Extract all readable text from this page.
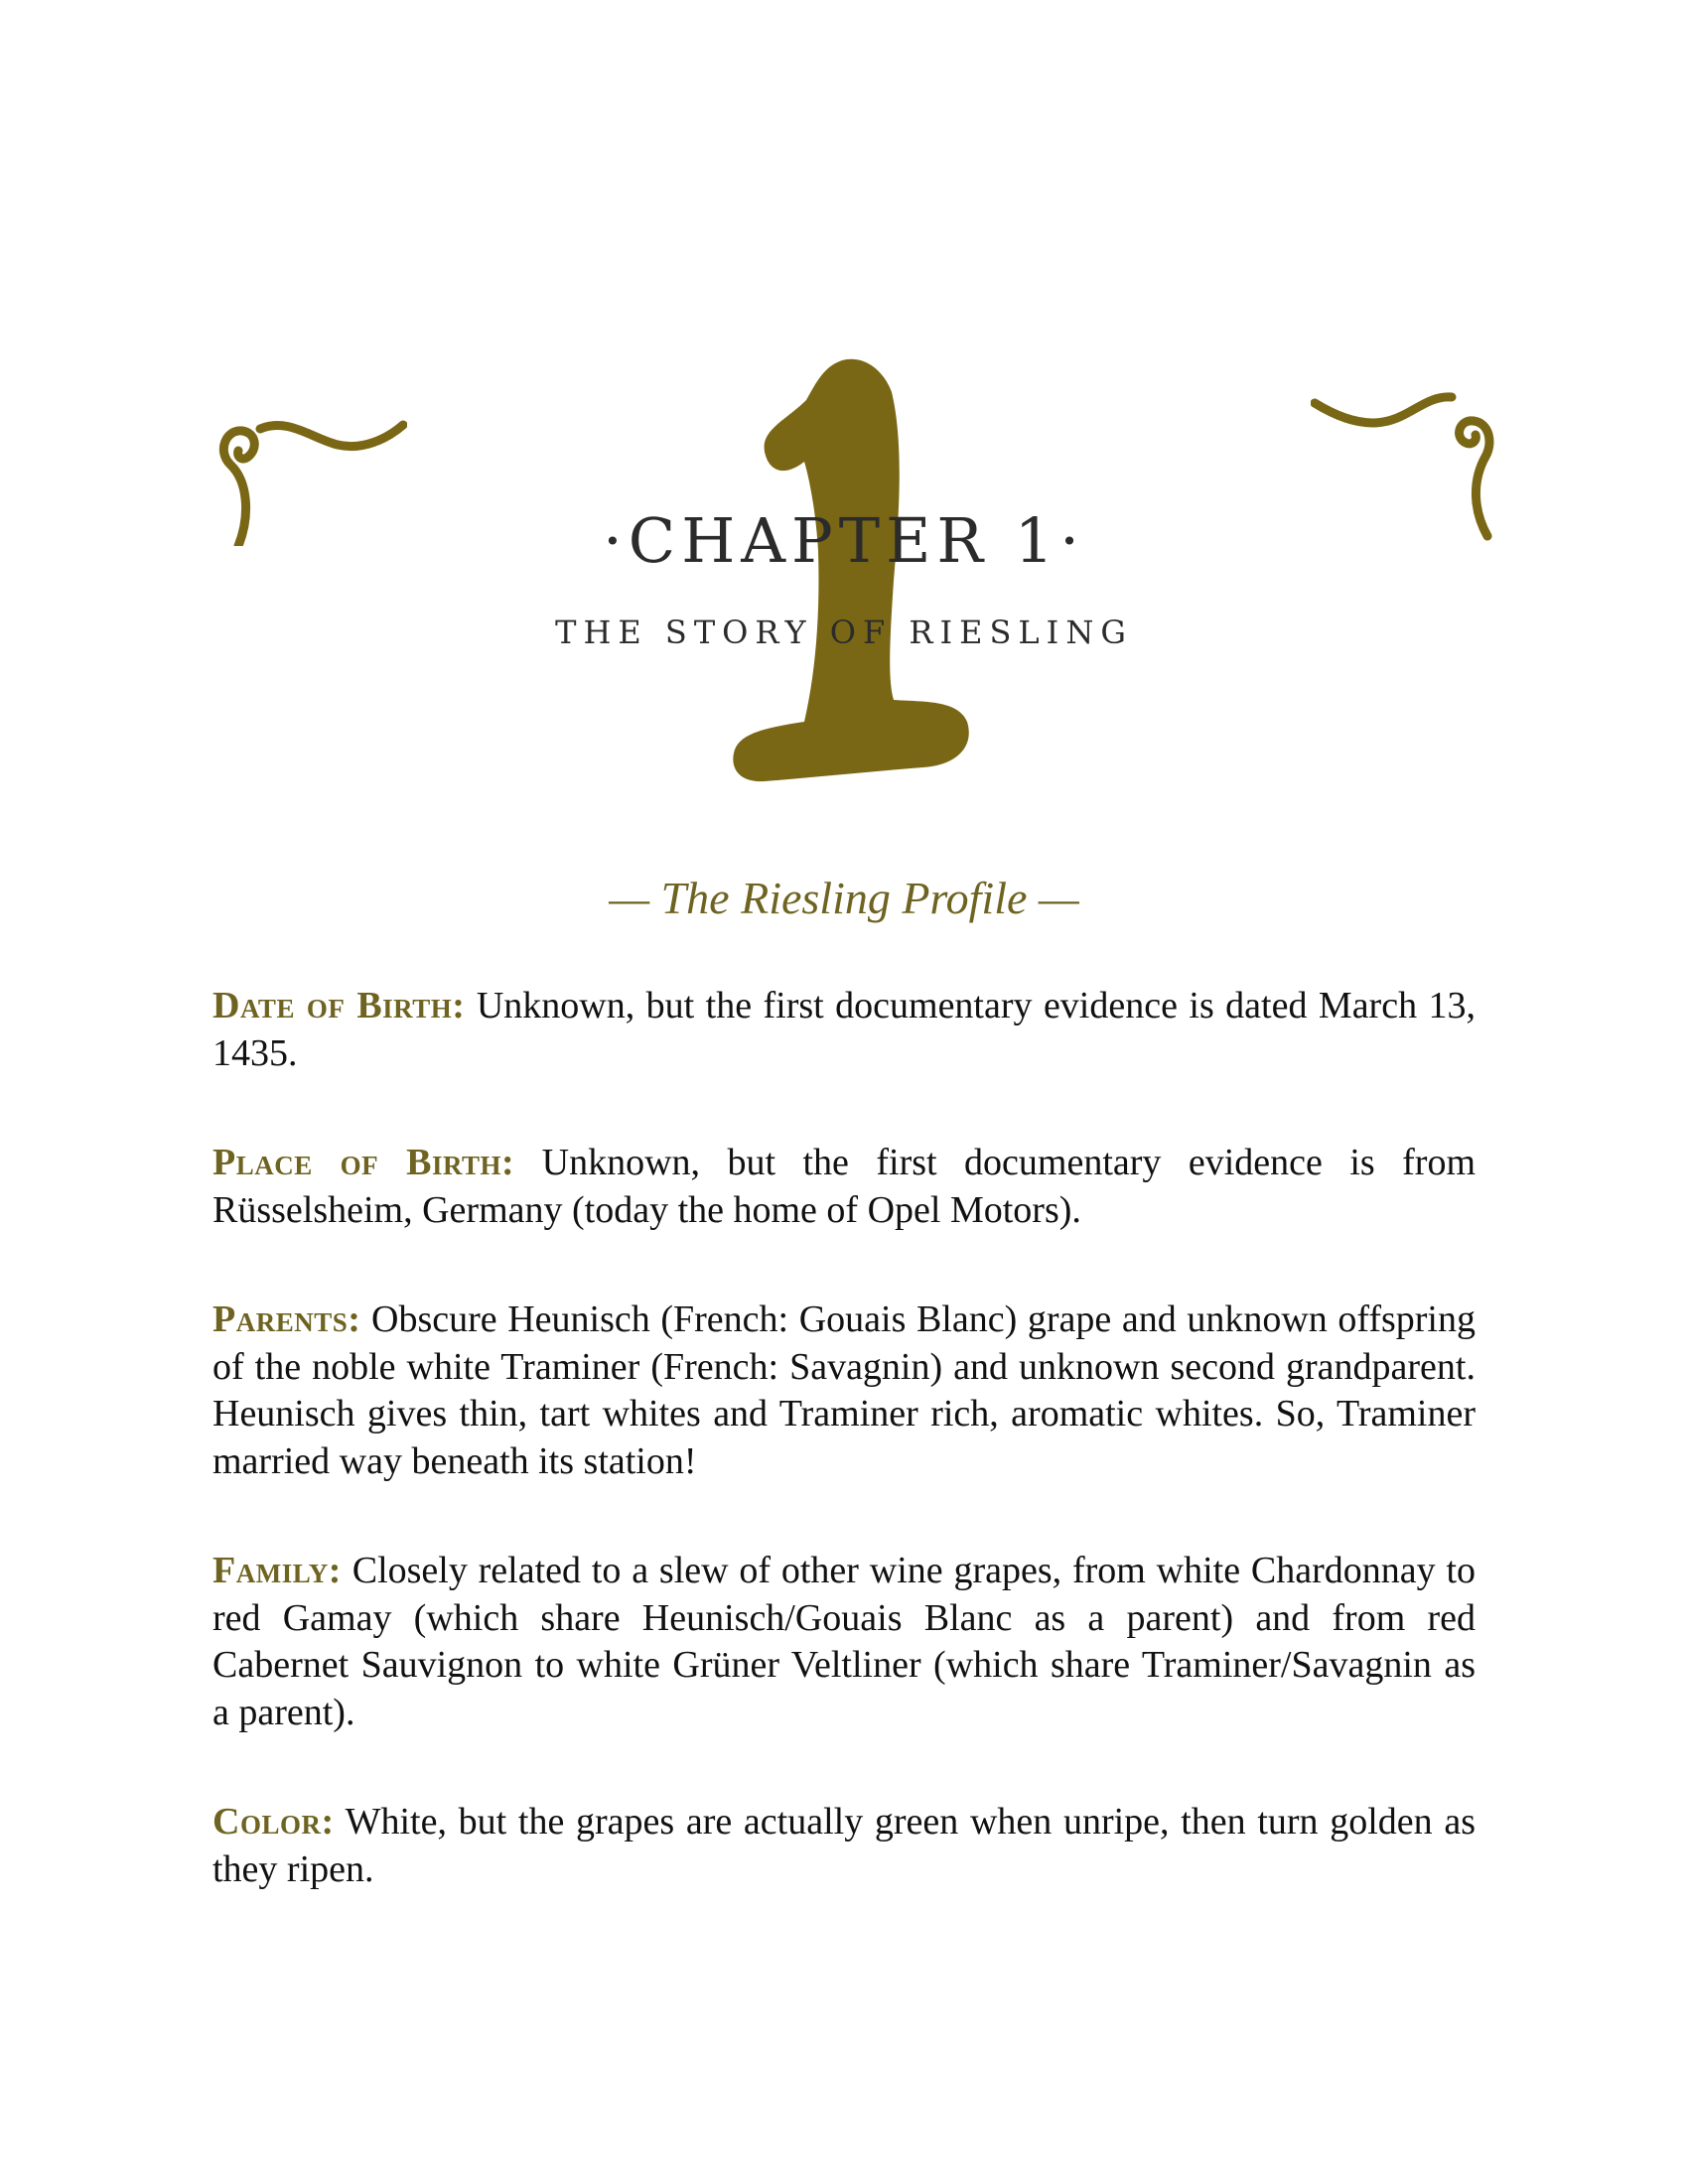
·CHAPTER 1·
THE STORY OF RIESLING
— The Riesling Profile —

Date of Birth: Unknown, but the first documentary evidence is dated March 13, 1435.

Place of Birth: Unknown, but the first documentary evidence is from Rüsselsheim, Germany (today the home of Opel Motors).

Parents: Obscure Heunisch (French: Gouais Blanc) grape and unknown offspring of the noble white Traminer (French: Savagnin) and unknown second grandparent. Heunisch gives thin, tart whites and Traminer rich, aromatic whites. So, Traminer married way beneath its station!

Family: Closely related to a slew of other wine grapes, from white Chardonnay to red Gamay (which share Heunisch/Gouais Blanc as a parent) and from red Cabernet Sauvignon to white Grüner Veltliner (which share Traminer/Savagnin as a parent).

Color: White, but the grapes are actually green when unripe, then turn golden as they ripen.
